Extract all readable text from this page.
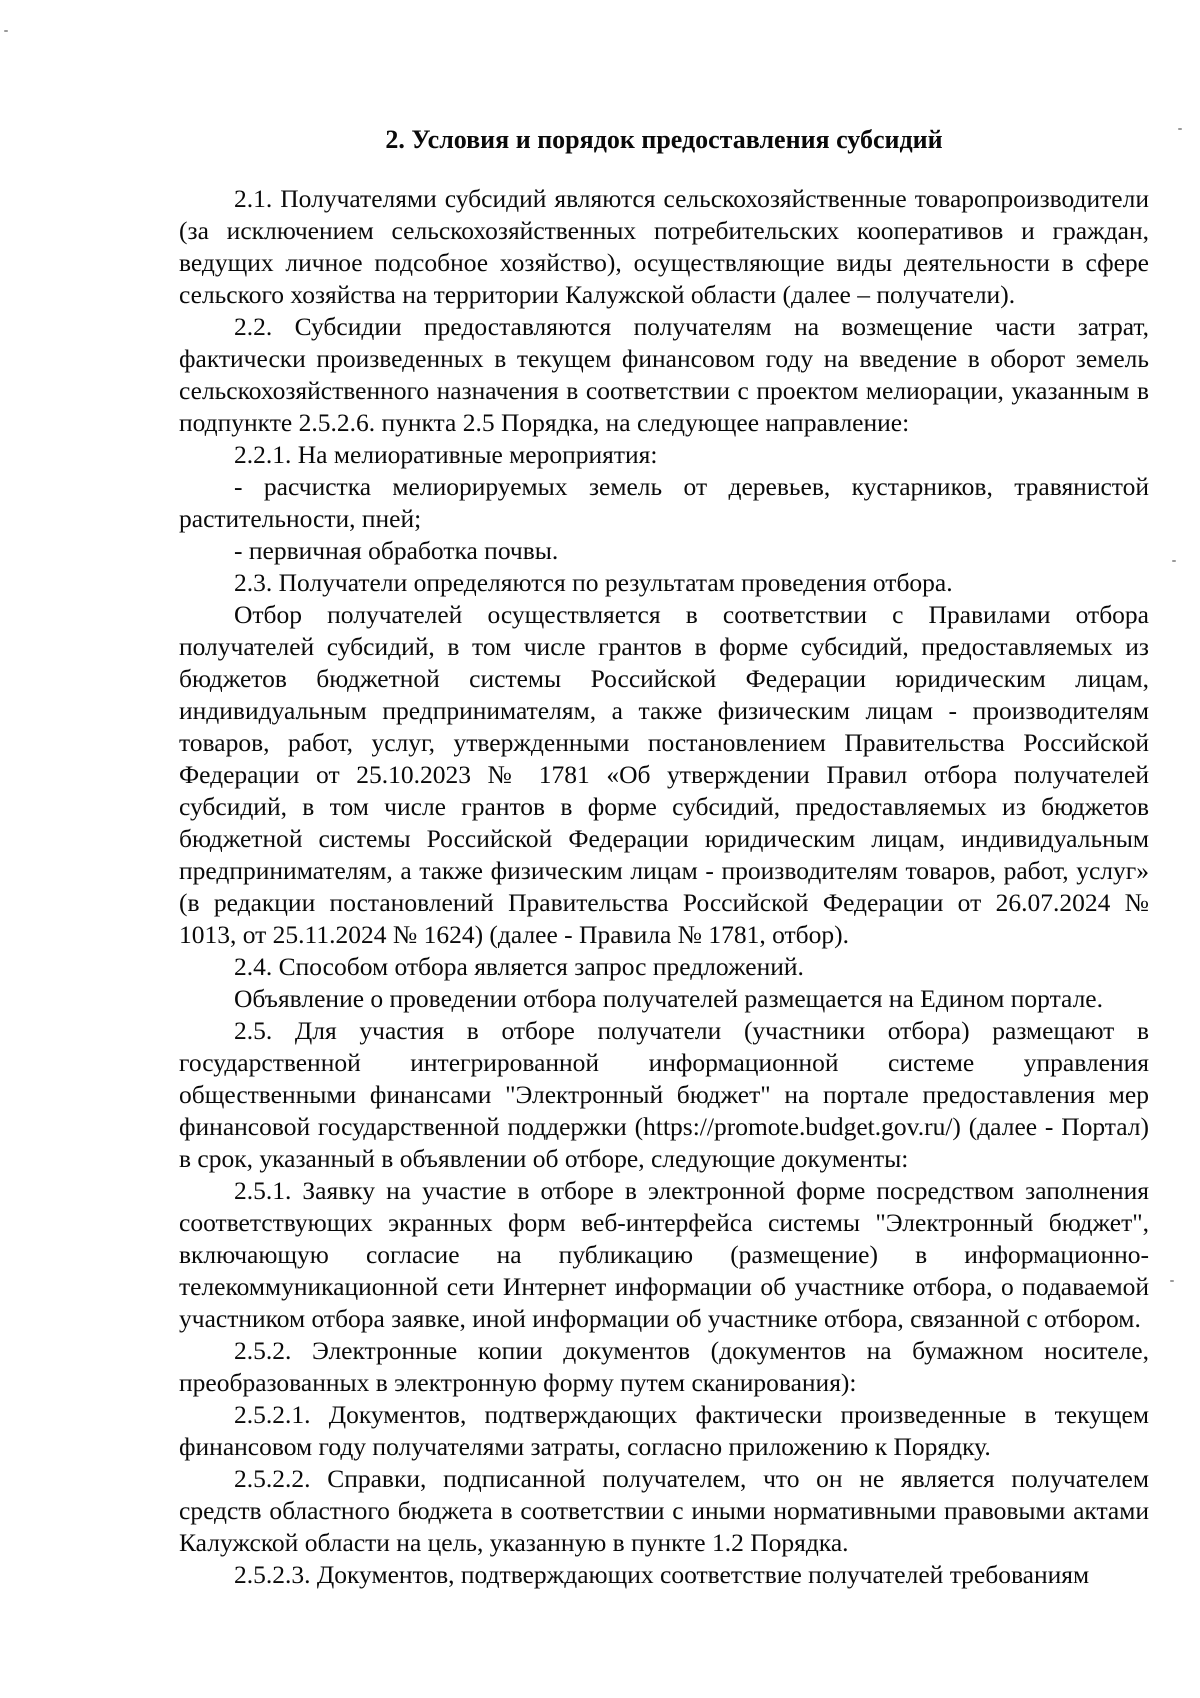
2. Условия и порядок предоставления субсидий

2.1. Получателями субсидий являются сельскохозяйственные товаропроизводители (за исключением сельскохозяйственных потребительских кооперативов и граждан, ведущих личное подсобное хозяйство), осуществляющие виды деятельности в сфере сельского хозяйства на территории Калужской области (далее – получатели).

2.2. Субсидии предоставляются получателям на возмещение части затрат, фактически произведенных в текущем финансовом году на введение в оборот земель сельскохозяйственного назначения в соответствии с проектом мелиорации, указанным в подпункте 2.5.2.6. пункта 2.5 Порядка, на следующее направление:

2.2.1. На мелиоративные мероприятия:

- расчистка мелиорируемых земель от деревьев, кустарников, травянистой растительности, пней;

- первичная обработка почвы.

2.3. Получатели определяются по результатам проведения отбора.

Отбор получателей осуществляется в соответствии с Правилами отбора получателей субсидий, в том числе грантов в форме субсидий, предоставляемых из бюджетов бюджетной системы Российской Федерации юридическим лицам, индивидуальным предпринимателям, а также физическим лицам - производителям товаров, работ, услуг, утвержденными постановлением Правительства Российской Федерации от 25.10.2023 № 1781 «Об утверждении Правил отбора получателей субсидий, в том числе грантов в форме субсидий, предоставляемых из бюджетов бюджетной системы Российской Федерации юридическим лицам, индивидуальным предпринимателям, а также физическим лицам - производителям товаров, работ, услуг» (в редакции постановлений Правительства Российской Федерации от 26.07.2024 № 1013, от 25.11.2024 № 1624) (далее - Правила № 1781, отбор).

2.4. Способом отбора является запрос предложений.

Объявление о проведении отбора получателей размещается на Едином портале.

2.5. Для участия в отборе получатели (участники отбора) размещают в государственной интегрированной информационной системе управления общественными финансами "Электронный бюджет" на портале предоставления мер финансовой государственной поддержки (https://promote.budget.gov.ru/) (далее - Портал) в срок, указанный в объявлении об отборе, следующие документы:

2.5.1. Заявку на участие в отборе в электронной форме посредством заполнения соответствующих экранных форм веб-интерфейса системы "Электронный бюджет", включающую согласие на публикацию (размещение) в информационно-телекоммуникационной сети Интернет информации об участнике отбора, о подаваемой участником отбора заявке, иной информации об участнике отбора, связанной с отбором.

2.5.2. Электронные копии документов (документов на бумажном носителе, преобразованных в электронную форму путем сканирования):

2.5.2.1. Документов, подтверждающих фактически произведенные в текущем финансовом году получателями затраты, согласно приложению к Порядку.

2.5.2.2. Справки, подписанной получателем, что он не является получателем средств областного бюджета в соответствии с иными нормативными правовыми актами Калужской области на цель, указанную в пункте 1.2 Порядка.

2.5.2.3. Документов, подтверждающих соответствие получателей требованиям
